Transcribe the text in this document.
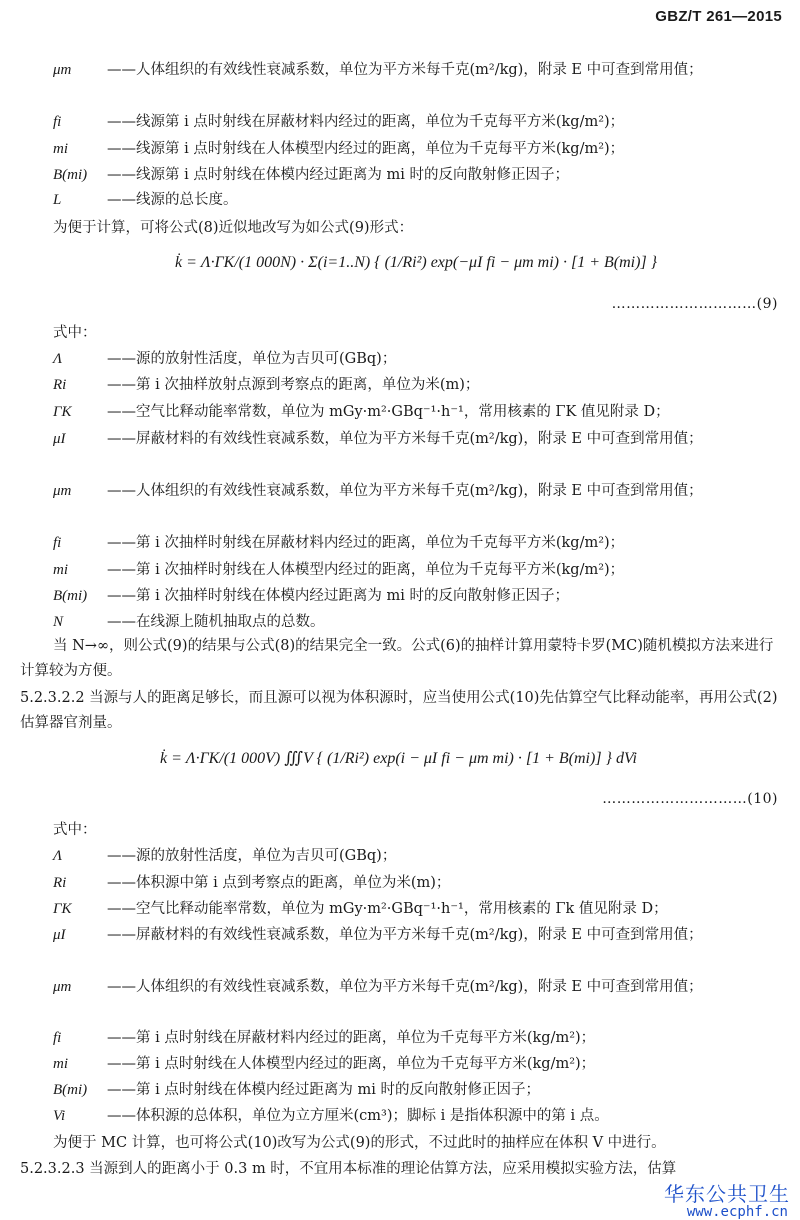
GBZ/T 261—2015
μm ——人体组织的有效线性衰减系数，单位为平方米每千克(m²/kg)，附录 E 中可查到常用值；
fi	——线源第 i 点时射线在屏蔽材料内经过的距离，单位为千克每平方米(kg/m²)；
mi	——线源第 i 点时射线在人体模型内经过的距离，单位为千克每平方米(kg/m²)；
B(mi) ——线源第 i 点时射线在体模内经过距离为 mi 时的反向散射修正因子；
L	——线源的总长度。
为便于计算，可将公式(8)近似地改写为如公式(9)形式：
k̇ = Λ·ΓK/(1 000N) · Σ(i=1..N) { (1/Ri²) exp(−μI fi − μm mi) · [1 + B(mi)] }
…………………………(9)
式中：
Λ	——源的放射性活度，单位为吉贝可(GBq)；
Ri	——第 i 次抽样放射点源到考察点的距离，单位为米(m)；
ΓK ——空气比释动能率常数，单位为 mGy·m²·GBq⁻¹·h⁻¹，常用核素的 ΓK 值见附录 D；
μI	——屏蔽材料的有效线性衰减系数，单位为平方米每千克(m²/kg)，附录 E 中可查到常用值；
μm ——人体组织的有效线性衰减系数，单位为平方米每千克(m²/kg)，附录 E 中可查到常用值；
fi	——第 i 次抽样时射线在屏蔽材料内经过的距离，单位为千克每平方米(kg/m²)；
mi	——第 i 次抽样时射线在人体模型内经过的距离，单位为千克每平方米(kg/m²)；
B(mi) ——第 i 次抽样时射线在体模内经过距离为 mi 时的反向散射修正因子；
N	——在线源上随机抽取点的总数。
当 N→∞，则公式(9)的结果与公式(8)的结果完全一致。公式(6)的抽样计算用蒙特卡罗(MC)随机模拟方法来进行计算较为方便。
5.2.3.2.2 当源与人的距离足够长，而且源可以视为体积源时，应当使用公式(10)先估算空气比释动能率，再用公式(2)估算器官剂量。
k̇ = Λ·ΓK/(1 000V) ∭V { (1/Ri²) exp(i − μI fi − μm mi) · [1 + B(mi)] } dVi
…………………………(10)
式中：
Λ	——源的放射性活度，单位为吉贝可(GBq)；
Ri	——体积源中第 i 点到考察点的距离，单位为米(m)；
ΓK ——空气比释动能率常数，单位为 mGy·m²·GBq⁻¹·h⁻¹，常用核素的 Γk 值见附录 D；
μI	——屏蔽材料的有效线性衰减系数，单位为平方米每千克(m²/kg)，附录 E 中可查到常用值；
μm ——人体组织的有效线性衰减系数，单位为平方米每千克(m²/kg)，附录 E 中可查到常用值；
fi	——第 i 点时射线在屏蔽材料内经过的距离，单位为千克每平方米(kg/m²)；
mi	——第 i 点时射线在人体模型内经过的距离，单位为千克每平方米(kg/m²)；
B(mi) ——第 i 点时射线在体模内经过距离为 mi 时的反向散射修正因子；
Vi	——体积源的总体积，单位为立方厘米(cm³)；脚标 i 是指体积源中的第 i 点。
为便于 MC 计算，也可将公式(10)改写为公式(9)的形式，不过此时的抽样应在体积 V 中进行。
5.2.3.2.3 当源到人的距离小于 0.3 m 时，不宜用本标准的理论估算方法，应采用模拟实验方法，估算
华东公共卫生
www.ecphf.cn
